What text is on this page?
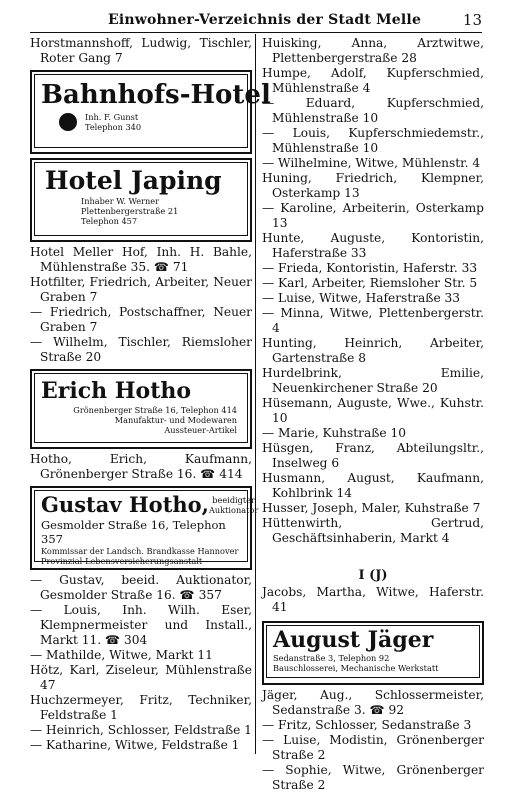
Einwohner-Verzeichnis der Stadt Melle	13

Horstmannshoff, Ludwig, Tischler, Roter Gang 7

Bahnhofs-Hotel
Inh. F. Gunst
Telephon 340
Hotel Japing
Inhaber W. Werner
Plettenbergerstraße 21
Telephon 457

Hotel Meller Hof, Inh. H. Bahle, Mühlenstraße 35. ☎ 71

Hotfilter, Friedrich, Arbeiter, Neuer Graben 7

— Friedrich, Postschaffner, Neuer Graben 7

— Wilhelm, Tischler, Riemsloher Straße 20

Erich Hotho
Grönenberger Straße 16, Telephon 414
Manufaktur- und Modewaren
Aussteuer-Artikel

Hotho, Erich, Kaufmann, Grönenberger Straße 16. ☎ 414

Gustav Hotho, beeidigter
Auktionator
Gesmolder Straße 16, Telephon 357
Kommissar der Landsch. Brandkasse Hannover
Provinzial-Lebensversicherungsanstalt

— Gustav, beeid. Auktionator, Gesmolder Straße 16. ☎ 357

— Louis, Inh. Wilh. Eser, Klempnermeister und Install., Markt 11. ☎ 304

— Mathilde, Witwe, Markt 11

Hötz, Karl, Ziseleur, Mühlenstraße 47

Huchzermeyer, Fritz, Techniker, Feldstraße 1

— Heinrich, Schlosser, Feldstraße 1

— Katharine, Witwe, Feldstraße 1

Huisking, Anna, Arztwitwe, Plettenbergerstraße 28

Humpe, Adolf, Kupferschmied, Mühlenstraße 4

— Eduard, Kupferschmied, Mühlenstraße 10

— Louis, Kupferschmiedemstr., Mühlenstraße 10

— Wilhelmine, Witwe, Mühlenstr. 4

Huning, Friedrich, Klempner, Osterkamp 13

— Karoline, Arbeiterin, Osterkamp 13

Hunte, Auguste, Kontoristin, Haferstraße 33

— Frieda, Kontoristin, Haferstr. 33

— Karl, Arbeiter, Riemsloher Str. 5

— Luise, Witwe, Haferstraße 33

— Minna, Witwe, Plettenbergerstr. 4

Hunting, Heinrich, Arbeiter, Gartenstraße 8

Hurdelbrink, Emilie, Neuenkirchener Straße 20

Hüsemann, Auguste, Wwe., Kuhstr. 10

— Marie, Kuhstraße 10

Hüsgen, Franz, Abteilungsltr., Inselweg 6

Husmann, August, Kaufmann, Kohlbrink 14

Husser, Joseph, Maler, Kuhstraße 7

Hüttenwirth, Gertrud, Geschäftsinhaberin, Markt 4

I (J)

Jacobs, Martha, Witwe, Haferstr. 41

August Jäger
Sedanstraße 3, Telephon 92
Bauschlosserei, Mechanische Werkstatt

Jäger, Aug., Schlossermeister, Sedanstraße 3. ☎ 92

— Fritz, Schlosser, Sedanstraße 3

— Luise, Modistin, Grönenberger Straße 2

— Sophie, Witwe, Grönenberger Straße 2
